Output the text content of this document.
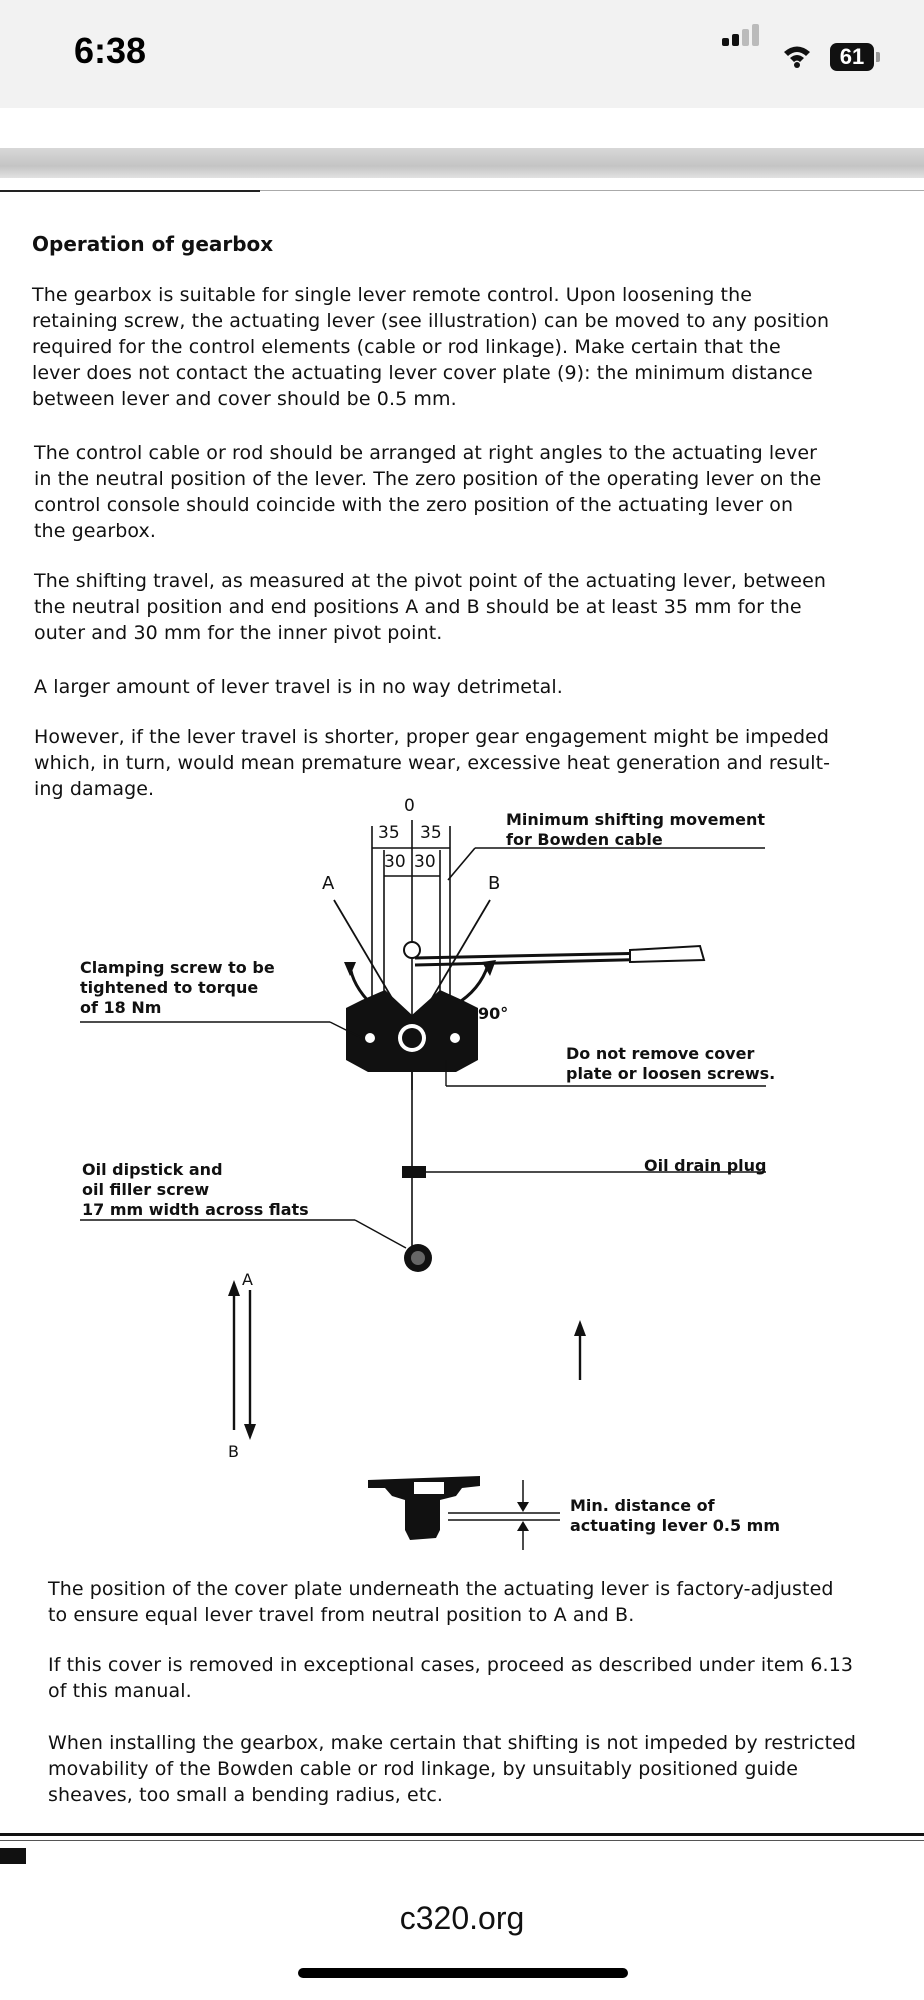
6:38	61
Operation of gearbox

The gearbox is suitable for single lever remote control. Upon loosening the
retaining screw, the actuating lever (see illustration) can be moved to any position
required for the control elements (cable or rod linkage). Make certain that the
lever does not contact the actuating lever cover plate (9): the minimum distance
between lever and cover should be 0.5 mm.

The control cable or rod should be arranged at right angles to the actuating lever
in the neutral position of the lever. The zero position of the operating lever on the
control console should coincide with the zero position of the actuating lever on
the gearbox.

The shifting travel, as measured at the pivot point of the actuating lever, between
the neutral position and end positions A and B should be at least 35 mm for the
outer and 30 mm for the inner pivot point.

A larger amount of lever travel is in no way detrimetal.

However, if the lever travel is shorter, proper gear engagement might be impeded
which, in turn, would mean premature wear, excessive heat generation and result-
ing damage.

0
35 35
30 30
A	B
90°
Minimum shifting movement
for Bowden cable
Clamping screw to be
tightened to torque
of 18 Nm
Do not remove cover
plate or loosen screws.
Oil dipstick and
oil filler screw
17 mm width across flats
Oil drain plug
A
B
Min. distance of
actuating lever 0.5 mm

The position of the cover plate underneath the actuating lever is factory-adjusted
to ensure equal lever travel from neutral position to A and B.

If this cover is removed in exceptional cases, proceed as described under item 6.13
of this manual.

When installing the gearbox, make certain that shifting is not impeded by restricted
movability of the Bowden cable or rod linkage, by unsuitably positioned guide
sheaves, too small a bending radius, etc.

c320.org
